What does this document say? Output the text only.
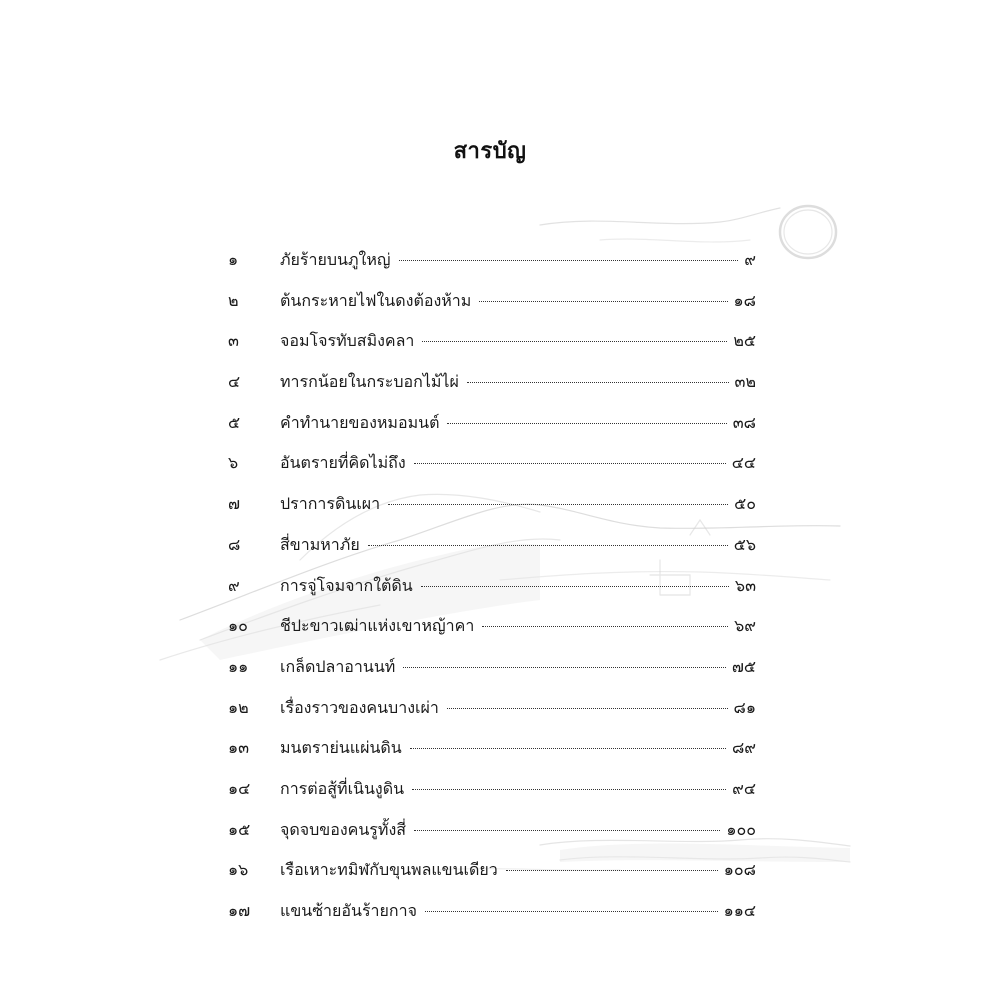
สารบัญ
๑	ภัยร้ายบนภูใหญ่	๙
๒	ต้นกระหายไฟในดงต้องห้าม	๑๘
๓	จอมโจรทับสมิงคลา	๒๕
๔	ทารกน้อยในกระบอกไม้ไผ่	๓๒
๕	คำทำนายของหมอมนต์	๓๘
๖	อันตรายที่คิดไม่ถึง	๔๔
๗	ปราการดินเผา	๕๐
๘	สี่ขามหาภัย	๕๖
๙	การจู่โจมจากใต้ดิน	๖๓
๑๐	ชีปะขาวเฒ่าแห่งเขาหญ้าคา	๖๙
๑๑	เกล็ดปลาอานนท์	๗๕
๑๒	เรื่องราวของคนบางเผ่า	๘๑
๑๓	มนตราย่นแผ่นดิน	๘๙
๑๔	การต่อสู้ที่เนินงูดิน	๙๔
๑๕	จุดจบของคนรูทั้งสี่	๑๐๐
๑๖	เรือเหาะทมิฬกับขุนพลแขนเดียว	๑๐๘
๑๗	แขนซ้ายอันร้ายกาจ	๑๑๔
